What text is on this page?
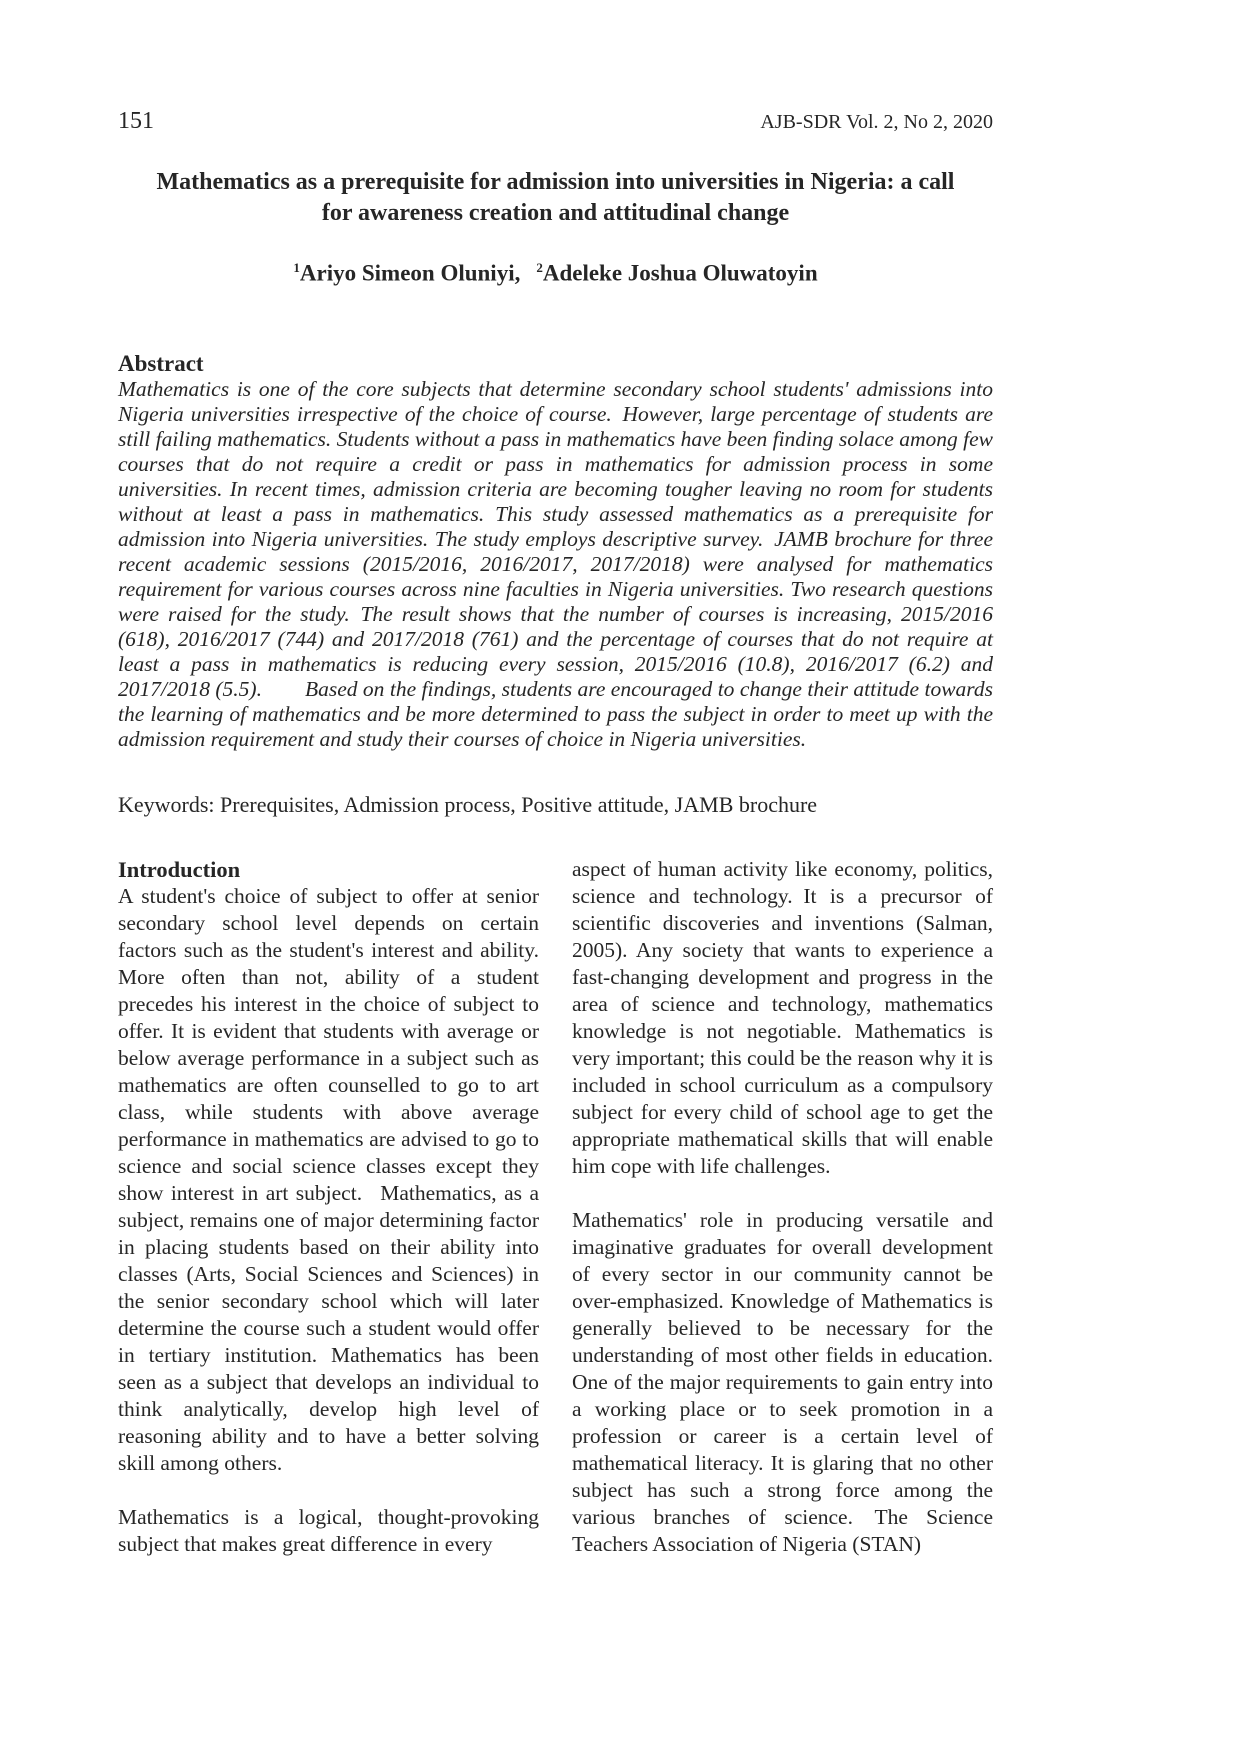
151	AJB-SDR Vol. 2, No 2, 2020
Mathematics as a prerequisite for admission into universities in Nigeria: a call for awareness creation and attitudinal change
$^1$Ariyo Simeon Oluniyi, $^2$Adeleke Joshua Oluwatoyin
Abstract

Mathematics is one of the core subjects that determine secondary school students' admissions into Nigeria universities irrespective of the choice of course. However, large percentage of students are still failing mathematics. Students without a pass in mathematics have been finding solace among few courses that do not require a credit or pass in mathematics for admission process in some universities. In recent times, admission criteria are becoming tougher leaving no room for students without at least a pass in mathematics. This study assessed mathematics as a prerequisite for admission into Nigeria universities. The study employs descriptive survey. JAMB brochure for three recent academic sessions (2015/2016, 2016/2017, 2017/2018) were analysed for mathematics requirement for various courses across nine faculties in Nigeria universities. Two research questions were raised for the study. The result shows that the number of courses is increasing, 2015/2016 (618), 2016/2017 (744) and 2017/2018 (761) and the percentage of courses that do not require at least a pass in mathematics is reducing every session, 2015/2016 (10.8), 2016/2017 (6.2) and 2017/2018 (5.5).  Based on the findings, students are encouraged to change their attitude towards the learning of mathematics and be more determined to pass the subject in order to meet up with the admission requirement and study their courses of choice in Nigeria universities.

Keywords: Prerequisites, Admission process, Positive attitude, JAMB brochure

Introduction

A student's choice of subject to offer at senior secondary school level depends on certain factors such as the student's interest and ability. More often than not, ability of a student precedes his interest in the choice of subject to offer. It is evident that students with average or below average performance in a subject such as mathematics are often counselled to go to art class, while students with above average performance in mathematics are advised to go to science and social science classes except they show interest in art subject.  Mathematics, as a subject, remains one of major determining factor in placing students based on their ability into classes (Arts, Social Sciences and Sciences) in the senior secondary school which will later determine the course such a student would offer in tertiary institution. Mathematics has been seen as a subject that develops an individual to think analytically, develop high level of reasoning ability and to have a better solving skill among others.

Mathematics is a logical, thought-provoking subject that makes great difference in every

aspect of human activity like economy, politics, science and technology. It is a precursor of scientific discoveries and inventions (Salman, 2005). Any society that wants to experience a fast-changing development and progress in the area of science and technology, mathematics knowledge is not negotiable. Mathematics is very important; this could be the reason why it is included in school curriculum as a compulsory subject for every child of school age to get the appropriate mathematical skills that will enable him cope with life challenges.

Mathematics' role in producing versatile and imaginative graduates for overall development of every sector in our community cannot be over-emphasized. Knowledge of Mathematics is generally believed to be necessary for the understanding of most other fields in education. One of the major requirements to gain entry into a working place or to seek promotion in a profession or career is a certain level of mathematical literacy. It is glaring that no other subject has such a strong force among the various branches of science. The Science Teachers Association of Nigeria (STAN)
